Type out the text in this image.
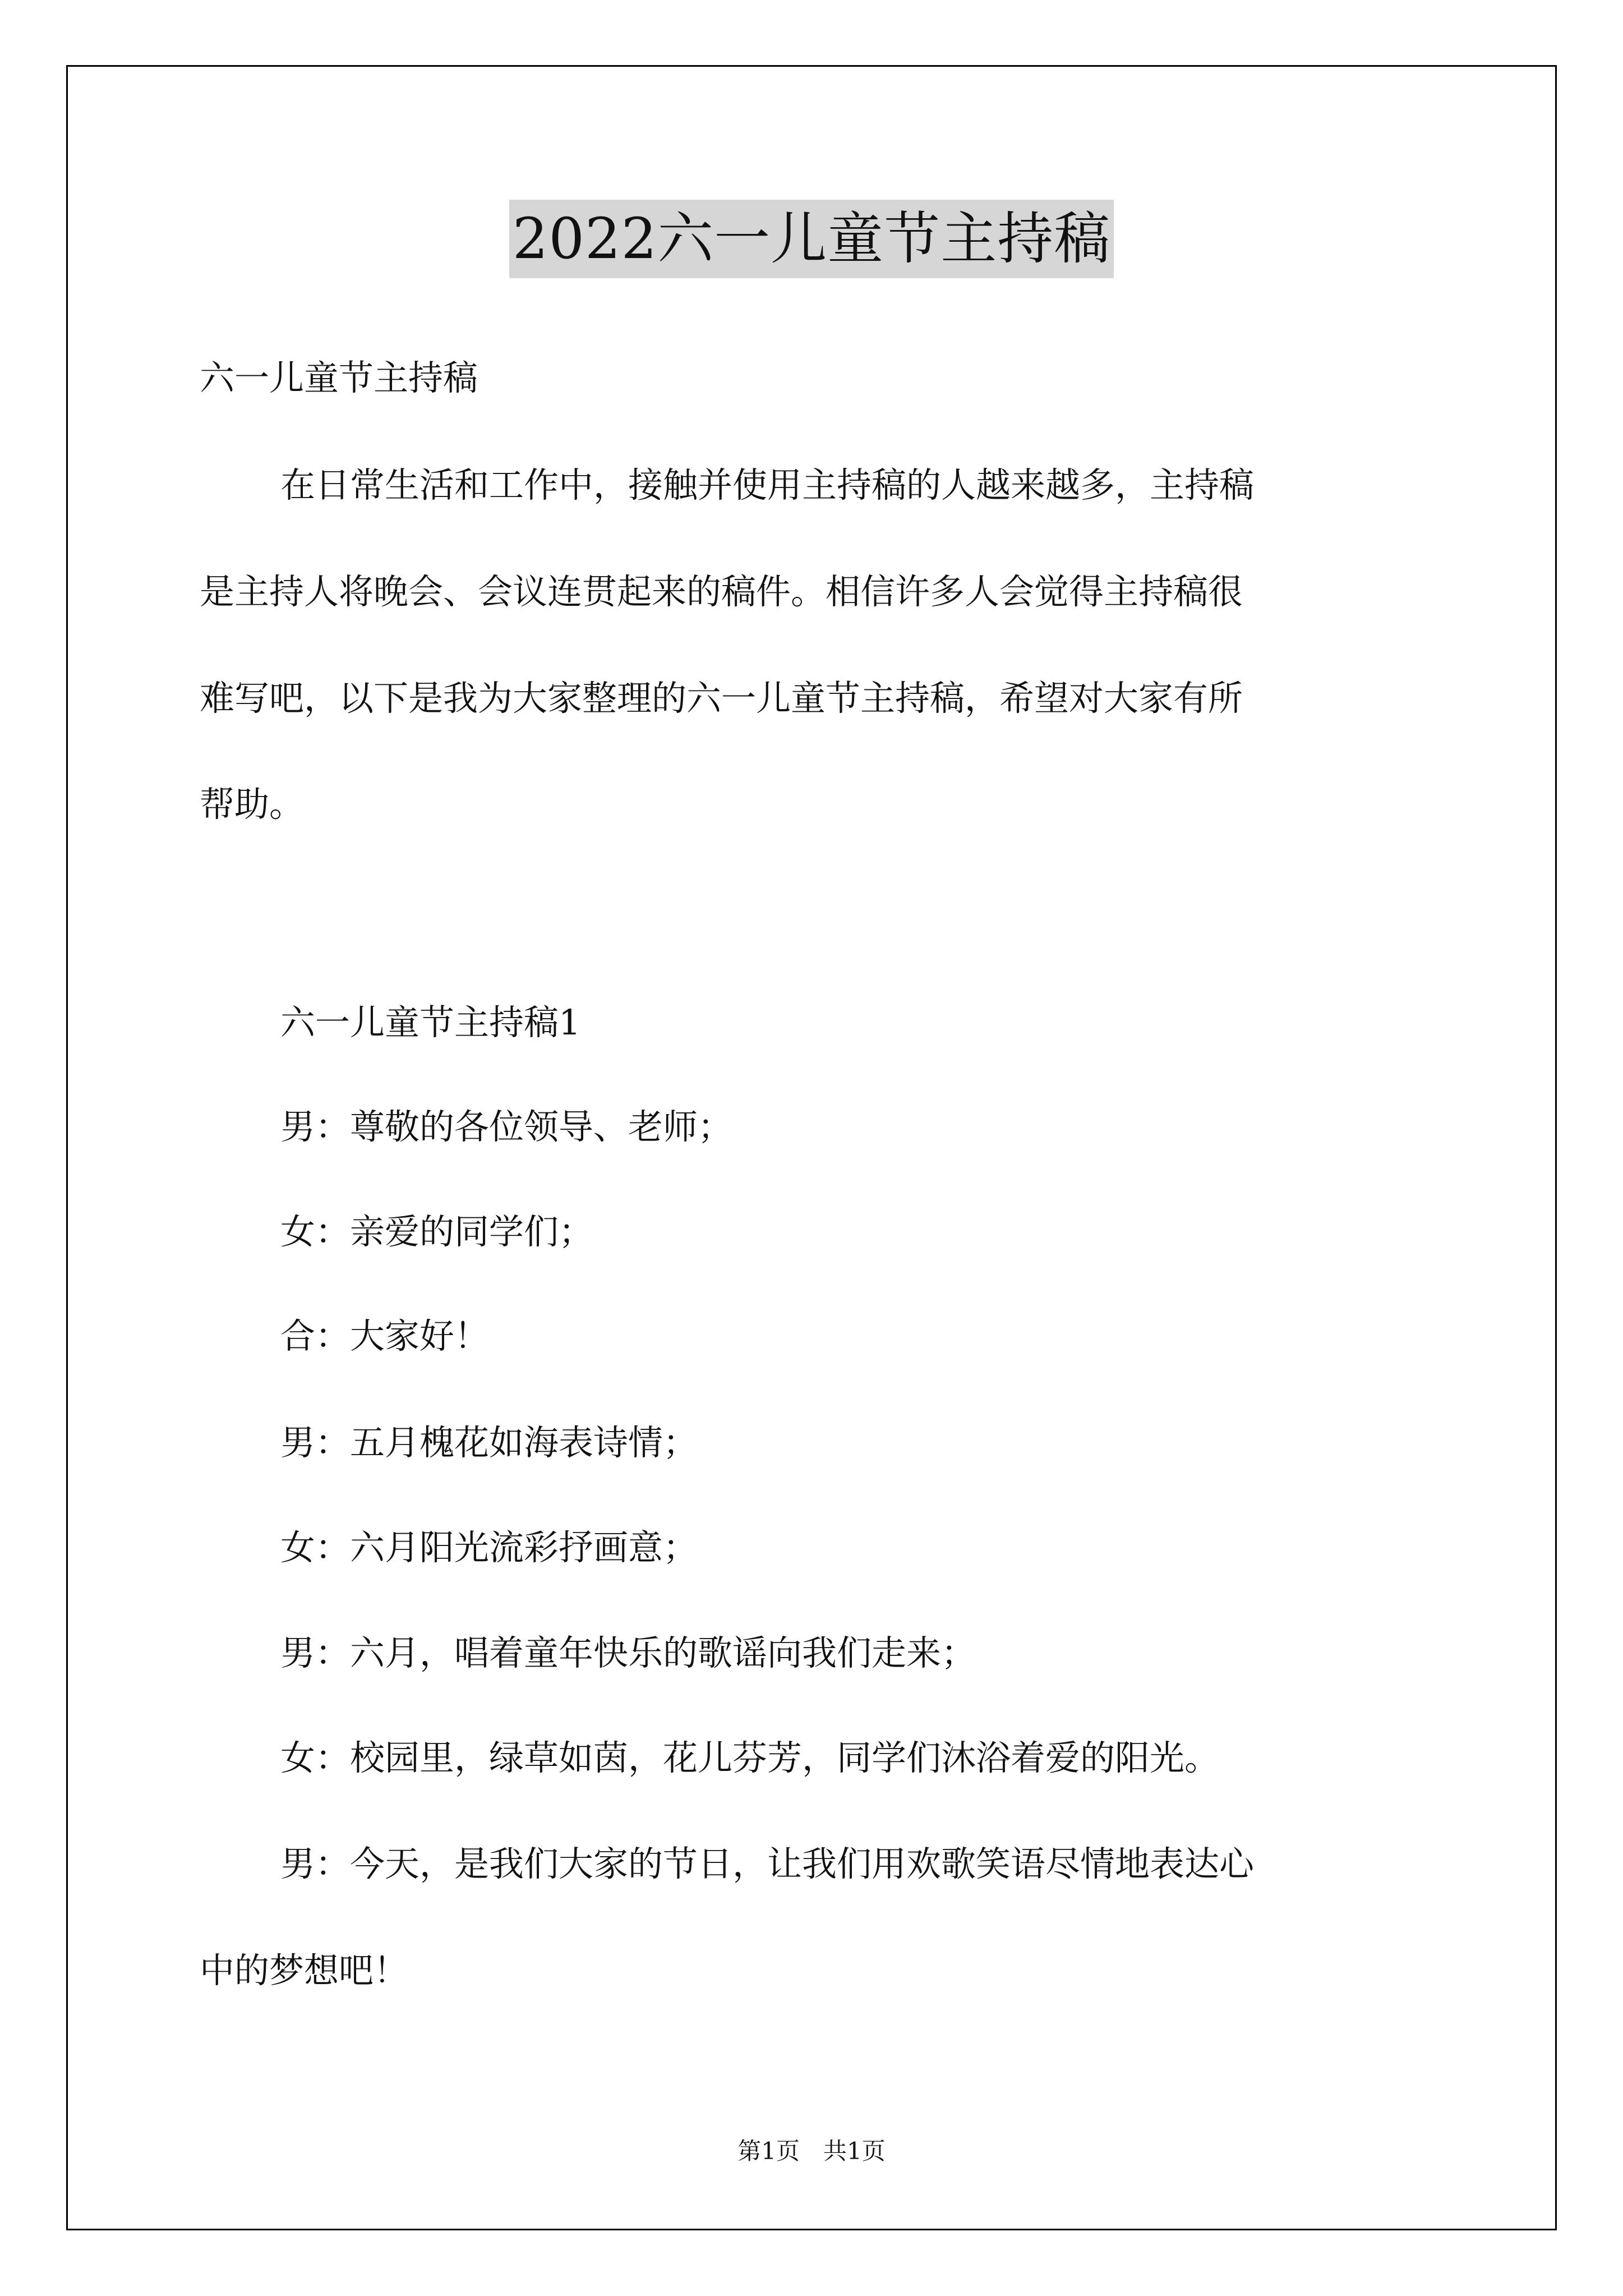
2022六一儿童节主持稿
六一儿童节主持稿
在日常生活和工作中，接触并使用主持稿的人越来越多，主持稿
是主持人将晚会、会议连贯起来的稿件。相信许多人会觉得主持稿很
难写吧，以下是我为大家整理的六一儿童节主持稿，希望对大家有所
帮助。
六一儿童节主持稿1
男：尊敬的各位领导、老师；
女：亲爱的同学们；
合：大家好！
男：五月槐花如海表诗情；
女：六月阳光流彩抒画意；
男：六月，唱着童年快乐的歌谣向我们走来；
女：校园里，绿草如茵，花儿芬芳，同学们沐浴着爱的阳光。
男：今天，是我们大家的节日，让我们用欢歌笑语尽情地表达心
中的梦想吧！
第1页　共1页
